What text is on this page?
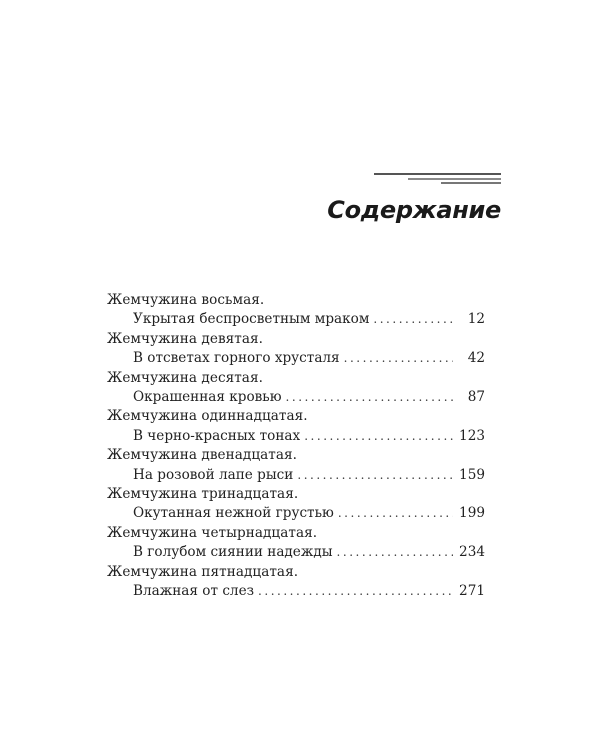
Содержание
Жемчужина восьмая.
Укрытая беспросветным мраком . . .	12
Жемчужина девятая.
В отсветах горного хрусталя . . .	42
Жемчужина десятая.
Окрашенная кровью . . .	87
Жемчужина одиннадцатая.
В черно-красных тонах . . .	123
Жемчужина двенадцатая.
На розовой лапе рыси . . .	159
Жемчужина тринадцатая.
Окутанная нежной грустью . . .	199
Жемчужина четырнадцатая.
В голубом сиянии надежды . . .	234
Жемчужина пятнадцатая.
Влажная от слез . . .	271
